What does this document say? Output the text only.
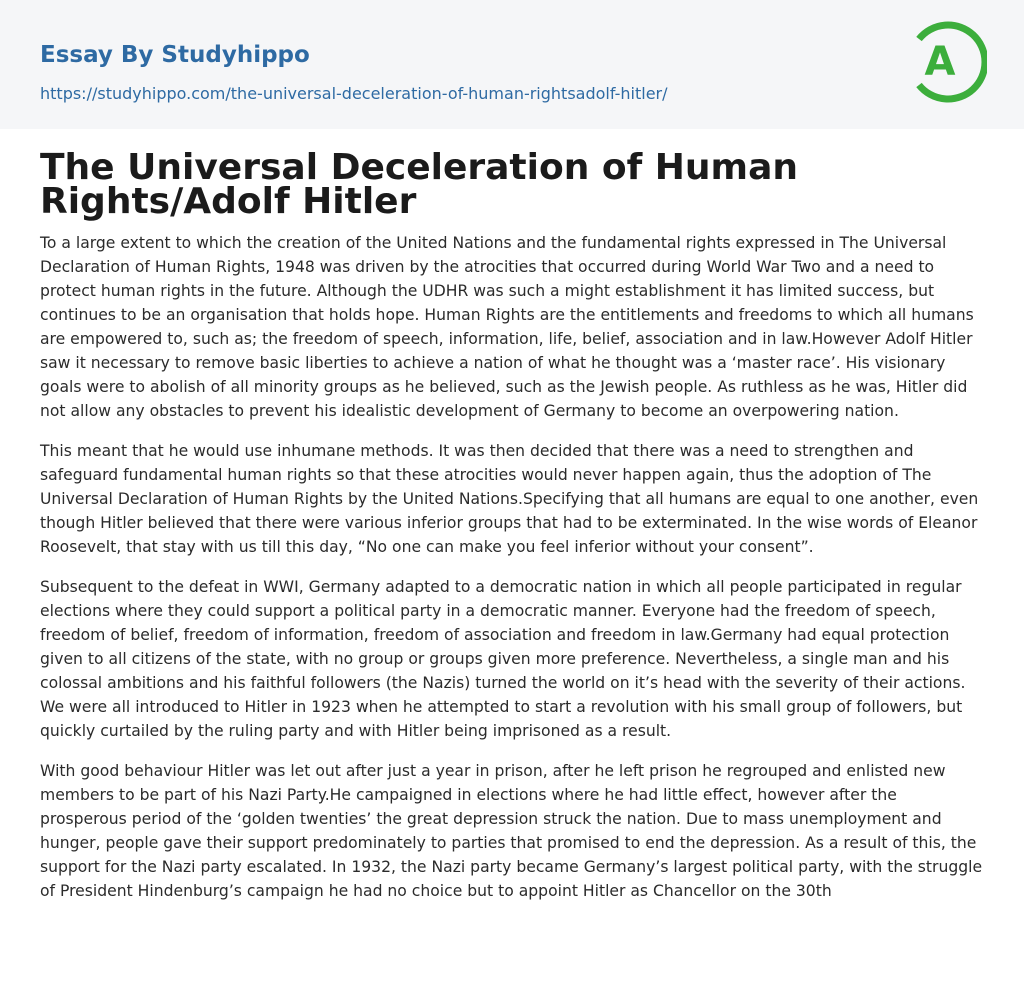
Essay By Studyhippo
https://studyhippo.com/the-universal-deceleration-of-human-rightsadolf-hitler/
A
The Universal Deceleration of Human Rights/Adolf Hitler

To a large extent to which the creation of the United Nations and the fundamental rights expressed in The Universal Declaration of Human Rights, 1948 was driven by the atrocities that occurred during World War Two and a need to protect human rights in the future. Although the UDHR was such a might establishment it has limited success, but continues to be an organisation that holds hope. Human Rights are the entitlements and freedoms to which all humans are empowered to, such as; the freedom of speech, information, life, belief, association and in law.However Adolf Hitler saw it necessary to remove basic liberties to achieve a nation of what he thought was a ‘master race’. His visionary goals were to abolish of all minority groups as he believed, such as the Jewish people. As ruthless as he was, Hitler did not allow any obstacles to prevent his idealistic development of Germany to become an overpowering nation.

This meant that he would use inhumane methods. It was then decided that there was a need to strengthen and safeguard fundamental human rights so that these atrocities would never happen again, thus the adoption of The Universal Declaration of Human Rights by the United Nations.Specifying that all humans are equal to one another, even though Hitler believed that there were various inferior groups that had to be exterminated. In the wise words of Eleanor Roosevelt, that stay with us till this day, “No one can make you feel inferior without your consent”.

Subsequent to the defeat in WWI, Germany adapted to a democratic nation in which all people participated in regular elections where they could support a political party in a democratic manner. Everyone had the freedom of speech, freedom of belief, freedom of information, freedom of association and freedom in law.Germany had equal protection given to all citizens of the state, with no group or groups given more preference. Nevertheless, a single man and his colossal ambitions and his faithful followers (the Nazis) turned the world on it’s head with the severity of their actions. We were all introduced to Hitler in 1923 when he attempted to start a revolution with his small group of followers, but quickly curtailed by the ruling party and with Hitler being imprisoned as a result.

With good behaviour Hitler was let out after just a year in prison, after he left prison he regrouped and enlisted new members to be part of his Nazi Party.He campaigned in elections where he had little effect, however after the prosperous period of the ‘golden twenties’ the great depression struck the nation. Due to mass unemployment and hunger, people gave their support predominately to parties that promised to end the depression. As a result of this, the support for the Nazi party escalated. In 1932, the Nazi party became Germany’s largest political party, with the struggle of President Hindenburg’s campaign he had no choice but to appoint Hitler as Chancellor on the 30th
